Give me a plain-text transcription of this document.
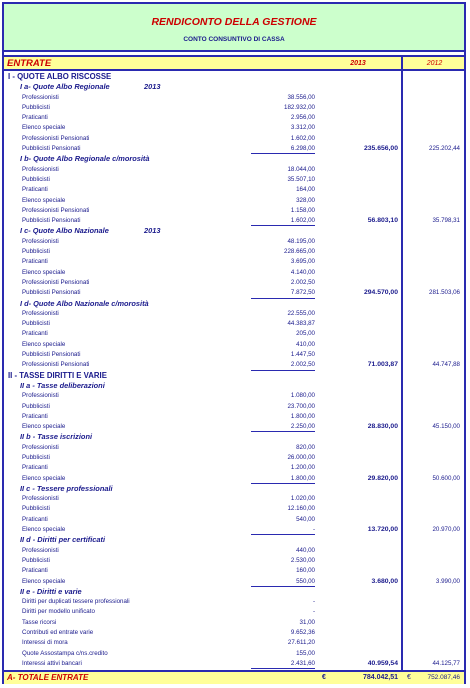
RENDICONTO DELLA GESTIONE
CONTO CONSUNTIVO DI CASSA
ENTRATE	2013	2012
I - QUOTE ALBO RISCOSSE
I a- Quote Albo Regionale	2013
Professionisti	38.556,00
Pubblicisti	182.932,00
Praticanti	2.956,00
Elenco speciale	3.312,00
Professionisti Pensionati	1.602,00
Pubblicisti Pensionati	6.298,00	235.656,00	225.202,44
I b- Quote Albo Regionale c/morosità
Professionisti	18.044,00
Pubblicisti	35.507,10
Praticanti	164,00
Elenco speciale	328,00
Professionisti Pensionati	1.158,00
Pubblicisti Pensionati	1.602,00	56.803,10	35.798,31
I c- Quote Albo Nazionale	2013
Professionisti	48.195,00
Pubblicisti	228.665,00
Praticanti	3.695,00
Elenco speciale	4.140,00
Professionisti Pensionati	2.002,50
Pubblicisti Pensionati	7.872,50	294.570,00	281.503,06
I d- Quote Albo Nazionale c/morosità
Professionisti	22.555,00
Pubblicisti	44.383,87
Praticanti	205,00
Elenco speciale	410,00
Pubblicisti Pensionati	1.447,50
Professionisti Pensionati	2.002,50	71.003,87	44.747,88
II - TASSE DIRITTI E VARIE
II a - Tasse deliberazioni
Professionisti	1.080,00
Pubblicisti	23.700,00
Praticanti	1.800,00
Elenco speciale	2.250,00	28.830,00	45.150,00
II b - Tasse iscrizioni
Professionisti	820,00
Pubblicisti	26.000,00
Praticanti	1.200,00
Elenco speciale	1.800,00	29.820,00	50.600,00
II c - Tessere professionali
Professionisti	1.020,00
Pubblicisti	12.160,00
Praticanti	540,00
Elenco speciale	-	13.720,00	20.970,00
II d - Diritti per certificati
Professionisti	440,00
Pubblicisti	2.530,00
Praticanti	160,00
Elenco speciale	550,00	3.680,00	3.990,00
II e - Diritti e varie
Diritti per duplicati tessere professionali	-
Diritti per modello unificato	-
Tasse ricorsi	31,00
Contributi ed entrate varie	9.652,36
Interessi di mora	27.611,20
Quote Assostampa c/ns.credito	155,00
Interessi attivi bancari	2.431,60	40.959,54	44.125,77
A- TOTALE ENTRATE	€	784.042,51 €	752.087,46
